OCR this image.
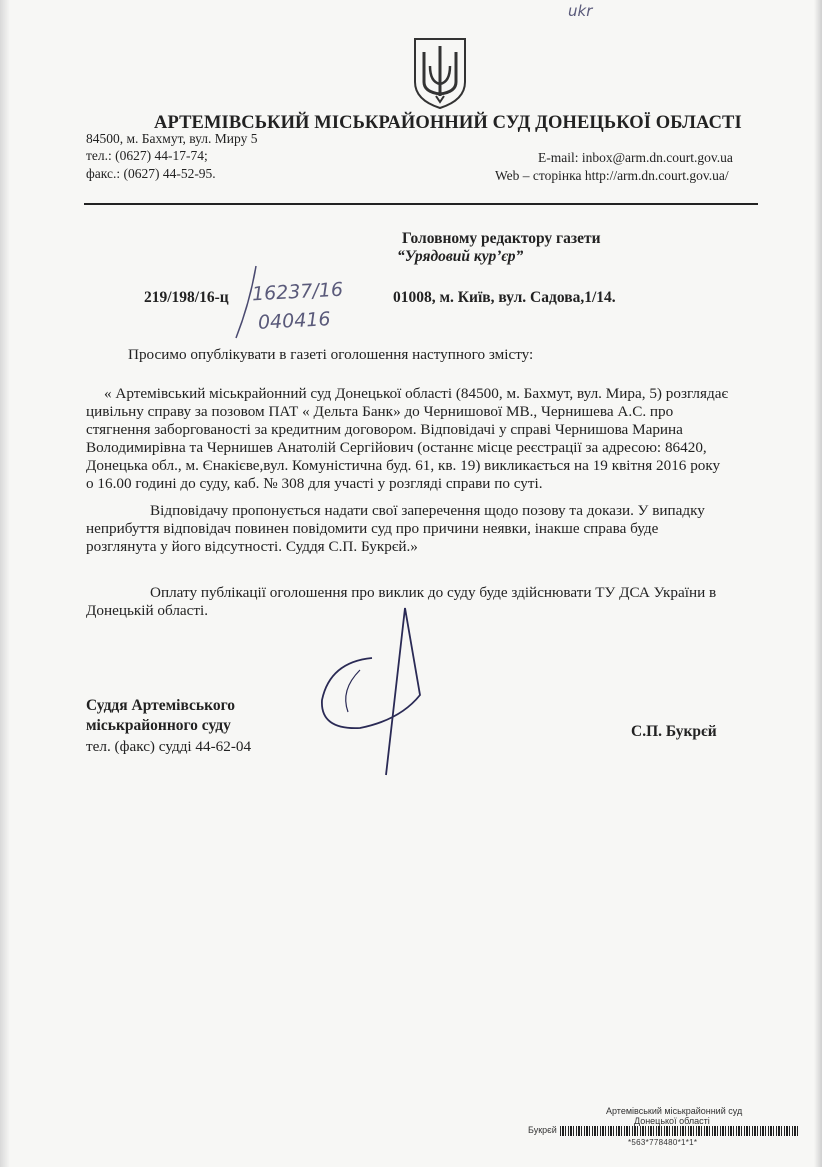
ukr
АРТЕМІВСЬКИЙ МІСЬКРАЙОННИЙ СУД ДОНЕЦЬКОЇ ОБЛАСТІ
84500, м. Бахмут, вул. Миру 5
тел.: (0627) 44-17-74;
факс.: (0627) 44-52-95.
E-mail: inbox@arm.dn.court.gov.ua
Web – сторінка http://arm.dn.court.gov.ua/
Головному редактору газети
“Урядовий кур’єр”
219/198/16-ц 16237/16
040416
01008, м. Київ, вул. Садова,1/14.
Просимо опублікувати в газеті оголошення наступного змісту:
« Артемівський міськрайонний суд Донецької області (84500, м. Бахмут, вул. Мира, 5) розглядає
цивільну справу за позовом ПАТ « Дельта Банк» до Чернишової МВ., Чернишева А.С. про
стягнення заборгованості за кредитним договором. Відповідачі у справі Чернишова Марина
Володимирівна та Чернишев Анатолій Сергійович (останнє місце реєстрації за адресою: 86420,
Донецька обл., м. Єнакієве,вул. Комуністична буд. 61, кв. 19) викликається на 19 квітня 2016 року
о 16.00 годині до суду, каб. № 308 для участі у розгляді справи по суті.
Відповідачу пропонується надати свої заперечення щодо позову та докази. У випадку
неприбуття відповідач повинен повідомити суд про причини неявки, інакше справа буде
розглянута у його відсутності. Суддя С.П. Букрєй.»
Оплату публікації оголошення про виклик до суду буде здійснювати ТУ ДСА України в
Донецькій області.
Суддя Артемівського
міськрайонного суду
тел. (факс) судді 44-62-04
С.П. Букрєй
Артемівський міськрайонний суд
Донецької області
Букрєй
*563*778480*1*1*
